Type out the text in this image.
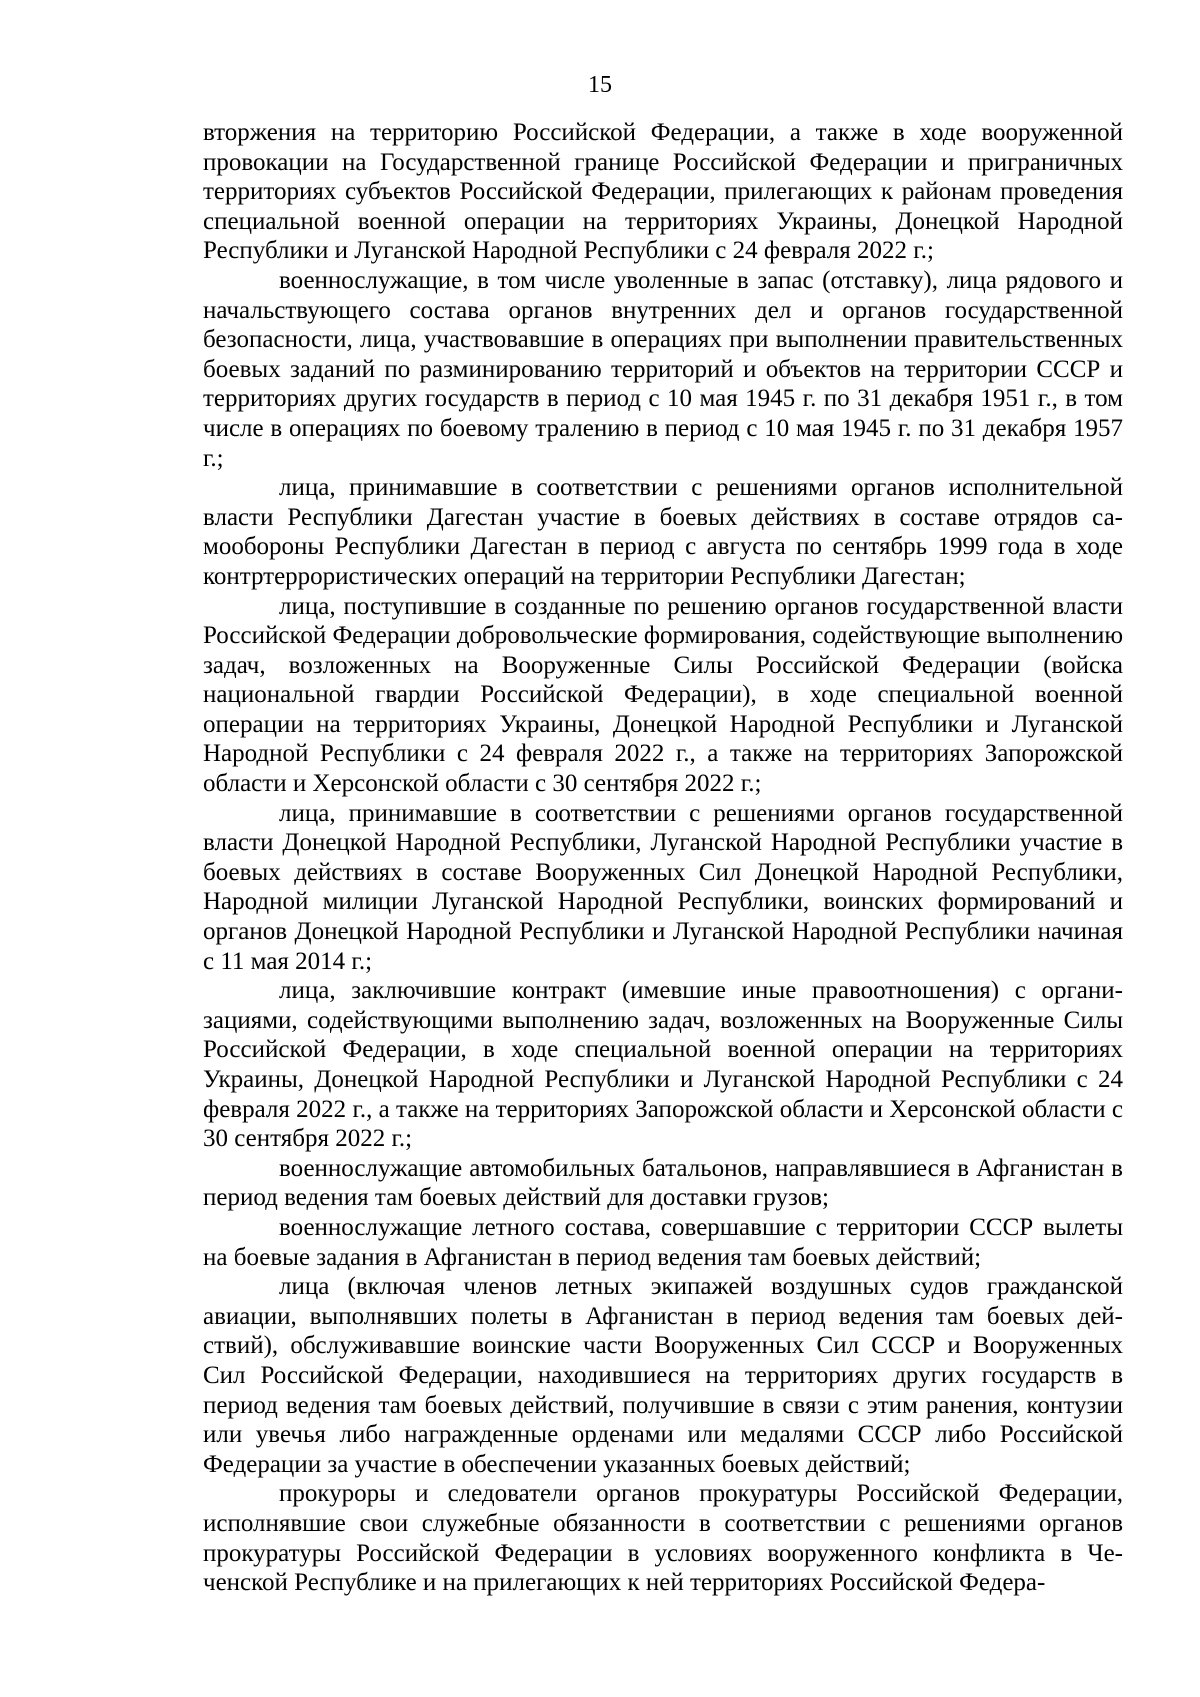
15

вторжения на территорию Российской Федерации, а также в ходе вооруженной провокации на Государственной границе Российской Федерации и приграничных территориях субъектов Российской Федерации, прилегающих к районам проведения специальной военной операции на территориях Украины, Донецкой Народной Республики и Луганской Народной Республики с 24 февраля 2022 г.;

военнослужащие, в том числе уволенные в запас (отставку), лица рядового и начальствующего состава органов внутренних дел и органов государственной безопасности, лица, участвовавшие в операциях при выполнении правительственных боевых заданий по разминированию территорий и объектов на территории СССР и территориях других государств в период с 10 мая 1945 г. по 31 декабря 1951 г., в том числе в операциях по боевому тралению в период с 10 мая 1945 г. по 31 декабря 1957 г.;

лица, принимавшие в соответствии с решениями органов исполнительной власти Республики Дагестан участие в боевых действиях в составе отрядов самообороны Республики Дагестан в период с августа по сентябрь 1999 года в ходе контртеррористических операций на территории Республики Дагестан;

лица, поступившие в созданные по решению органов государственной власти Российской Федерации добровольческие формирования, содействующие выполнению задач, возложенных на Вооруженные Силы Российской Федерации (войска национальной гвардии Российской Федерации), в ходе специальной военной операции на территориях Украины, Донецкой Народной Республики и Луганской Народной Республики с 24 февраля 2022 г., а также на территориях Запорожской области и Херсонской области с 30 сентября 2022 г.;

лица, принимавшие в соответствии с решениями органов государственной власти Донецкой Народной Республики, Луганской Народной Республики участие в боевых действиях в составе Вооруженных Сил Донецкой Народной Республики, Народной милиции Луганской Народной Республики, воинских формирований и органов Донецкой Народной Республики и Луганской Народной Республики начиная с 11 мая 2014 г.;

лица, заключившие контракт (имевшие иные правоотношения) с организациями, содействующими выполнению задач, возложенных на Вооруженные Силы Российской Федерации, в ходе специальной военной операции на территориях Украины, Донецкой Народной Республики и Луганской Народной Республики с 24 февраля 2022 г., а также на территориях Запорожской области и Херсонской области с 30 сентября 2022 г.;

военнослужащие автомобильных батальонов, направлявшиеся в Афганистан в период ведения там боевых действий для доставки грузов;

военнослужащие летного состава, совершавшие с территории СССР вылеты на боевые задания в Афганистан в период ведения там боевых действий;

лица (включая членов летных экипажей воздушных судов гражданской авиации, выполнявших полеты в Афганистан в период ведения там боевых действий), обслуживавшие воинские части Вооруженных Сил СССР и Вооруженных Сил Российской Федерации, находившиеся на территориях других государств в период ведения там боевых действий, получившие в связи с этим ранения, контузии или увечья либо награжденные орденами или медалями СССР либо Российской Федерации за участие в обеспечении указанных боевых действий;

прокуроры и следователи органов прокуратуры Российской Федерации, исполнявшие свои служебные обязанности в соответствии с решениями органов прокуратуры Российской Федерации в условиях вооруженного конфликта в Чеченской Республике и на прилегающих к ней территориях Российской Федера-
